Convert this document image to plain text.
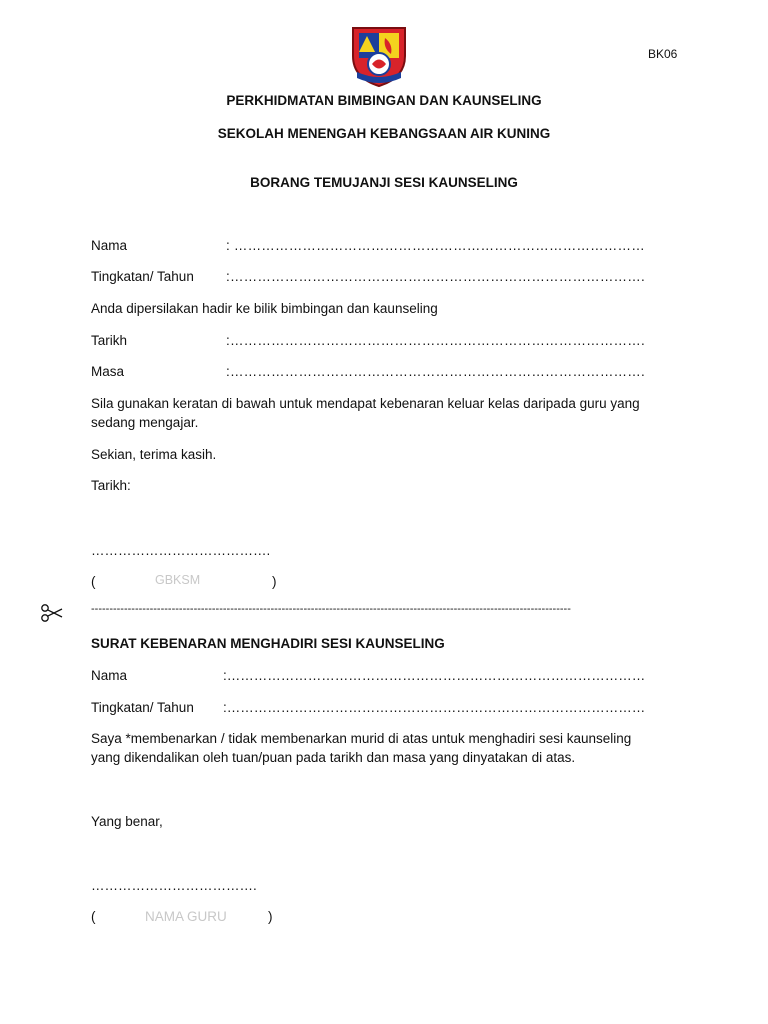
BK06
PERKHIDMATAN BIMBINGAN DAN KAUNSELING
SEKOLAH MENENGAH KEBANGSAAN AIR KUNING
BORANG TEMUJANJI SESI KAUNSELING
Nama	: ………………………………………………………………………………
Tingkatan/ Tahun :……………………………………………………………………………….
Anda dipersilakan hadir ke bilik bimbingan dan kaunseling
Tarikh	:……………………………………………………………………………….
Masa	:……………………………………………………………………………….
Sila gunakan keratan di bawah untuk mendapat kebenaran keluar kelas daripada guru yang
sedang mengajar.
Sekian, terima kasih.
Tarikh:
………………………………….
(	GBKSM	)
-----------------------------------------------------------------------------------------------------------------------------------
SURAT KEBENARAN MENGHADIRI SESI KAUNSELING
Nama	:…………………………………………………………………………………
Tingkatan/ Tahun :…………………………………………………………………………………
Saya *membenarkan / tidak membenarkan murid di atas untuk menghadiri sesi kaunseling
yang dikendalikan oleh tuan/puan pada tarikh dan masa yang dinyatakan di atas.
Yang benar,
……………………………….
(	NAMA GURU	)
